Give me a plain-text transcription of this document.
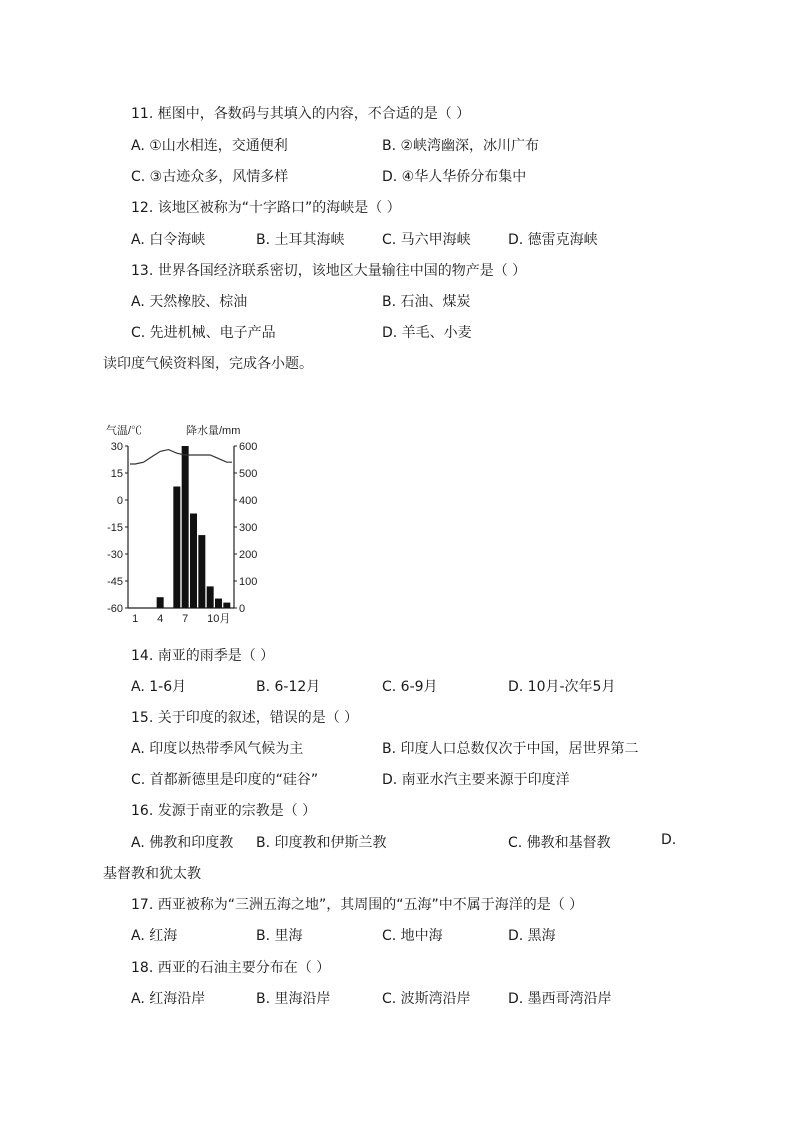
11. 框图中，各数码与其填入的内容，不合适的是（ ）
A. ①山水相连，交通便利	B. ②峡湾幽深，冰川广布
C. ③古迹众多，风情多样	D. ④华人华侨分布集中
12. 该地区被称为“十字路口”的海峡是（ ）
A. 白令海峡	B. 土耳其海峡	C. 马六甲海峡	D. 德雷克海峡
13. 世界各国经济联系密切，该地区大量输往中国的物产是（ ）
A. 天然橡胶、棕油	B. 石油、煤炭
C. 先进机械、电子产品	D. 羊毛、小麦
读印度气候资料图，完成各小题。
气温/℃	降水量/mm
30
15
0
-15
-30
-45
-60
600
500
400
300
200
100
0
1 4 7 10月
14. 南亚的雨季是（ ）
A. 1-6月	B. 6-12月	C. 6-9月	D. 10月-次年5月
15. 关于印度的叙述，错误的是（ ）
A. 印度以热带季风气候为主	B. 印度人口总数仅次于中国，居世界第二
C. 首都新德里是印度的“硅谷”	D. 南亚水汽主要来源于印度洋
16. 发源于南亚的宗教是（ ）
A. 佛教和印度教 B. 印度教和伊斯兰教	C. 佛教和基督教	D.
基督教和犹太教
17. 西亚被称为“三洲五海之地”，其周围的“五海”中不属于海洋的是（ ）
A. 红海	B. 里海	C. 地中海	D. 黑海
18. 西亚的石油主要分布在（ ）
A. 红海沿岸	B. 里海沿岸	C. 波斯湾沿岸	D. 墨西哥湾沿岸
